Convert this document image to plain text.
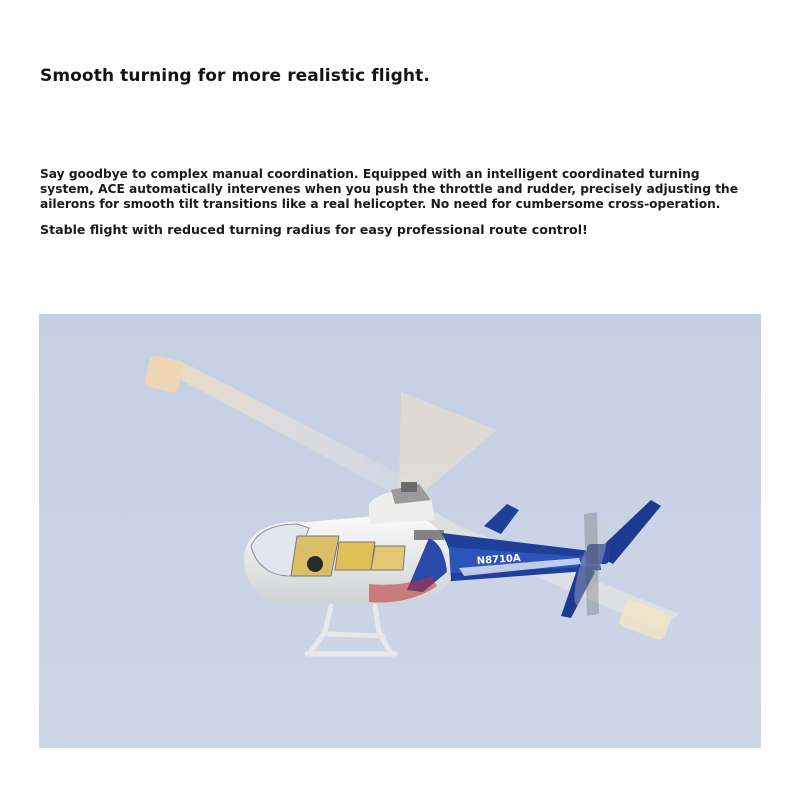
Smooth turning for more realistic flight.

Say goodbye to complex manual coordination. Equipped with an intelligent coordinated turning system, ACE automatically intervenes when you push the throttle and rudder, precisely adjusting the ailerons for smooth tilt transitions like a real helicopter. No need for cumbersome cross-operation.

Stable flight with reduced turning radius for easy professional route control!

N8710A
